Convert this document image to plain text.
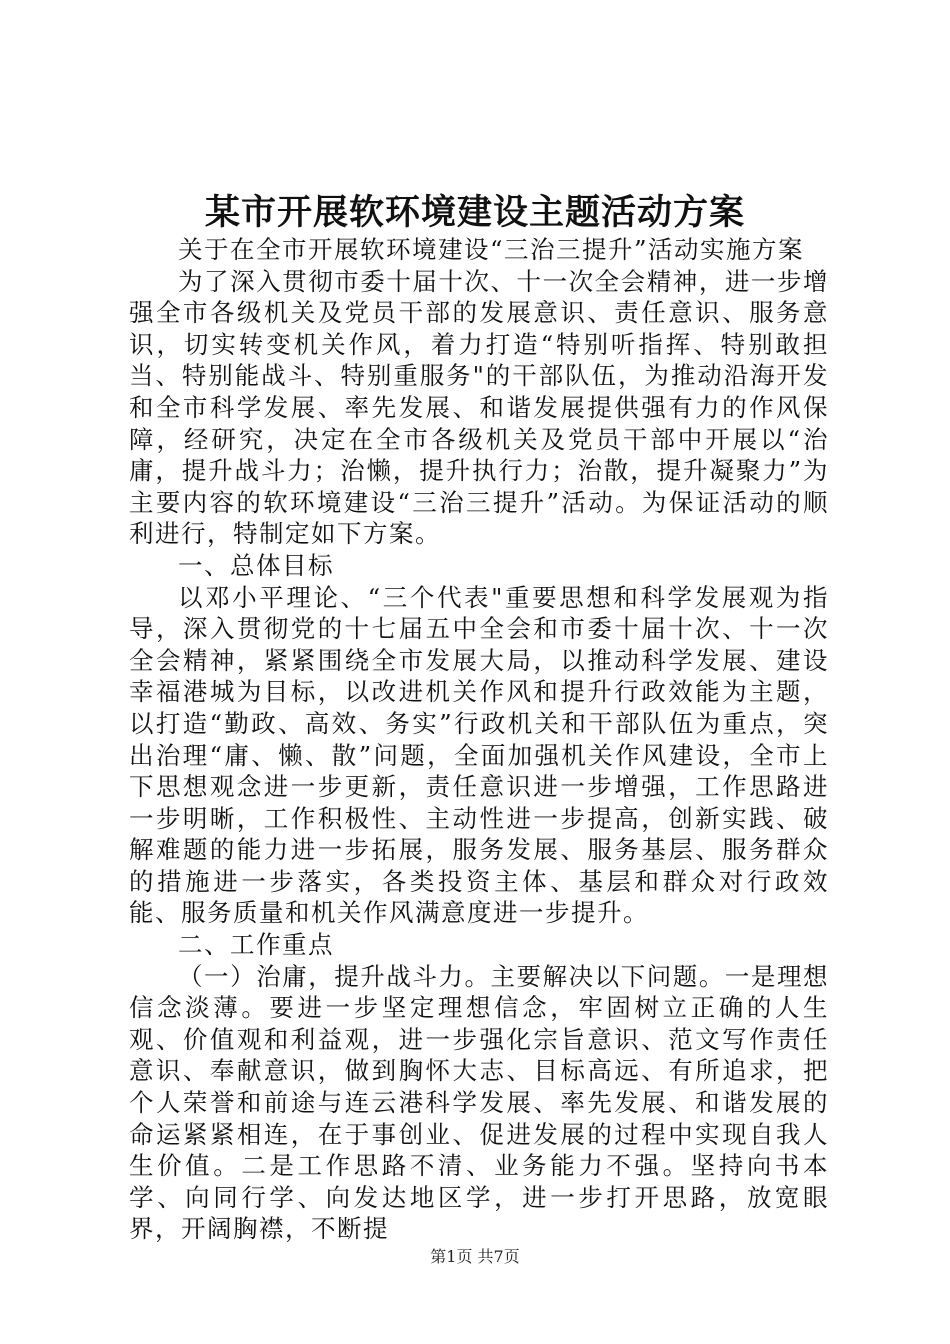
某市开展软环境建设主题活动方案

关于在全市开展软环境建设“三治三提升”活动实施方案

为了深入贯彻市委十届十次、十一次全会精神，进一步增强全市各级机关及党员干部的发展意识、责任意识、服务意识，切实转变机关作风，着力打造“特别听指挥、特别敢担当、特别能战斗、特别重服务"的干部队伍，为推动沿海开发和全市科学发展、率先发展、和谐发展提供强有力的作风保障，经研究，决定在全市各级机关及党员干部中开展以“治庸，提升战斗力；治懒，提升执行力；治散，提升凝聚力”为主要内容的软环境建设“三治三提升”活动。为保证活动的顺利进行，特制定如下方案。

一、总体目标

以邓小平理论、“三个代表"重要思想和科学发展观为指导，深入贯彻党的十七届五中全会和市委十届十次、十一次全会精神，紧紧围绕全市发展大局，以推动科学发展、建设幸福港城为目标，以改进机关作风和提升行政效能为主题，以打造“勤政、高效、务实”行政机关和干部队伍为重点，突出治理“庸、懒、散”问题，全面加强机关作风建设，全市上下思想观念进一步更新，责任意识进一步增强，工作思路进一步明晰，工作积极性、主动性进一步提高，创新实践、破解难题的能力进一步拓展，服务发展、服务基层、服务群众的措施进一步落实，各类投资主体、基层和群众对行政效能、服务质量和机关作风满意度进一步提升。

二、工作重点

（一）治庸，提升战斗力。主要解决以下问题。一是理想信念淡薄。要进一步坚定理想信念，牢固树立正确的人生观、价值观和利益观，进一步强化宗旨意识、范文写作责任意识、奉献意识，做到胸怀大志、目标高远、有所追求，把个人荣誉和前途与连云港科学发展、率先发展、和谐发展的命运紧紧相连，在于事创业、促进发展的过程中实现自我人生价值。二是工作思路不清、业务能力不强。坚持向书本学、向同行学、向发达地区学，进一步打开思路，放宽眼界，开阔胸襟，不断提

第1页 共7页
